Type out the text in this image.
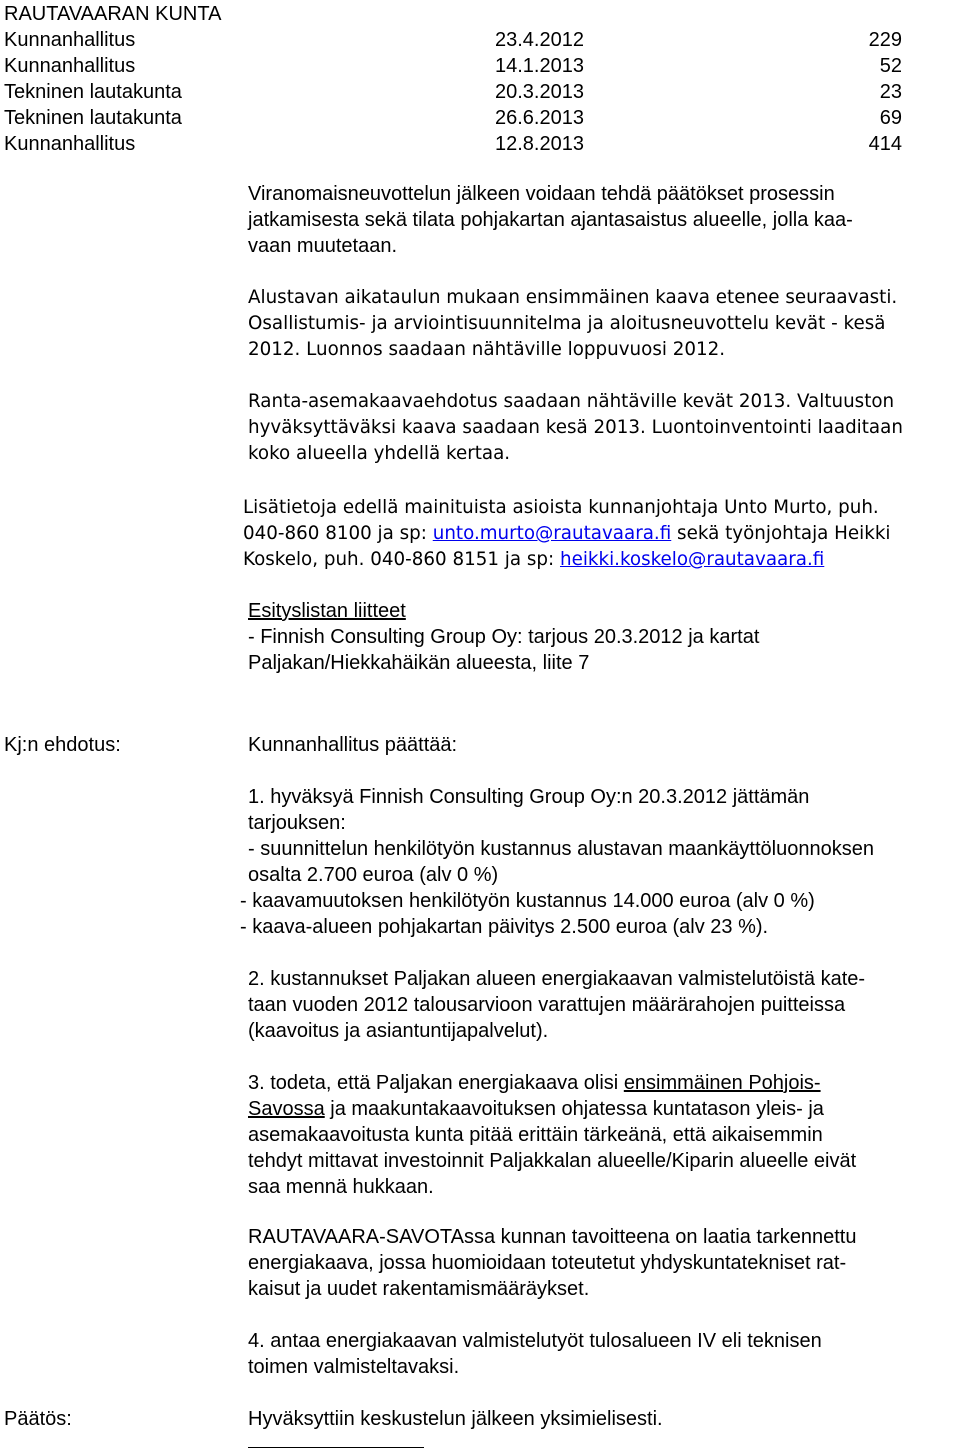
RAUTAVAARAN KUNTA
Kunnanhallitus	23.4.2012	229
Kunnanhallitus	14.1.2013	52
Tekninen lautakunta	20.3.2013	23
Tekninen lautakunta	26.6.2013	69
Kunnanhallitus	12.8.2013	414
Viranomaisneuvottelun jälkeen voidaan tehdä päätökset prosessin
jatkamisesta sekä tilata pohjakartan ajantasaistus alueelle, jolla kaa-
vaan muutetaan.
Alustavan aikataulun mukaan ensimmäinen kaava etenee seuraavasti.
Osallistumis- ja arviointisuunnitelma ja aloitusneuvottelu kevät - kesä
2012. Luonnos saadaan nähtäville loppuvuosi 2012.
Ranta-asemakaavaehdotus saadaan nähtäville kevät 2013. Valtuuston
hyväksyttäväksi kaava saadaan kesä 2013. Luontoinventointi laaditaan
koko alueella yhdellä kertaa.
Lisätietoja edellä mainituista asioista kunnanjohtaja Unto Murto, puh.
040-860 8100 ja sp: unto.murto@rautavaara.fi sekä työnjohtaja Heikki
Koskelo, puh. 040-860 8151 ja sp: heikki.koskelo@rautavaara.fi
Esityslistan liitteet
- Finnish Consulting Group Oy: tarjous 20.3.2012 ja kartat
Paljakan/Hiekkahäikän alueesta, liite 7
Kj:n ehdotus:	Kunnanhallitus päättää:
1. hyväksyä Finnish Consulting Group Oy:n 20.3.2012 jättämän
tarjouksen:
- suunnittelun henkilötyön kustannus alustavan maankäyttöluonnoksen
osalta 2.700 euroa (alv 0 %)
- kaavamuutoksen henkilötyön kustannus 14.000 euroa (alv 0 %)
- kaava-alueen pohjakartan päivitys 2.500 euroa (alv 23 %).
2. kustannukset Paljakan alueen energiakaavan valmistelutöistä kate-
taan vuoden 2012 talousarvioon varattujen määrärahojen puitteissa
(kaavoitus ja asiantuntijapalvelut).
3. todeta, että Paljakan energiakaava olisi ensimmäinen Pohjois-
Savossa ja maakuntakaavoituksen ohjatessa kuntatason yleis- ja
asemakaavoitusta kunta pitää erittäin tärkeänä, että aikaisemmin
tehdyt mittavat investoinnit Paljakkalan alueelle/Kiparin alueelle eivät
saa mennä hukkaan.
RAUTAVAARA-SAVOTAssa kunnan tavoitteena on laatia tarkennettu
energiakaava, jossa huomioidaan toteutetut yhdyskuntatekniset rat-
kaisut ja uudet rakentamismääräykset.
4. antaa energiakaavan valmistelutyöt tulosalueen IV eli teknisen
toimen valmisteltavaksi.
Päätös:	Hyväksyttiin keskustelun jälkeen yksimielisesti.
